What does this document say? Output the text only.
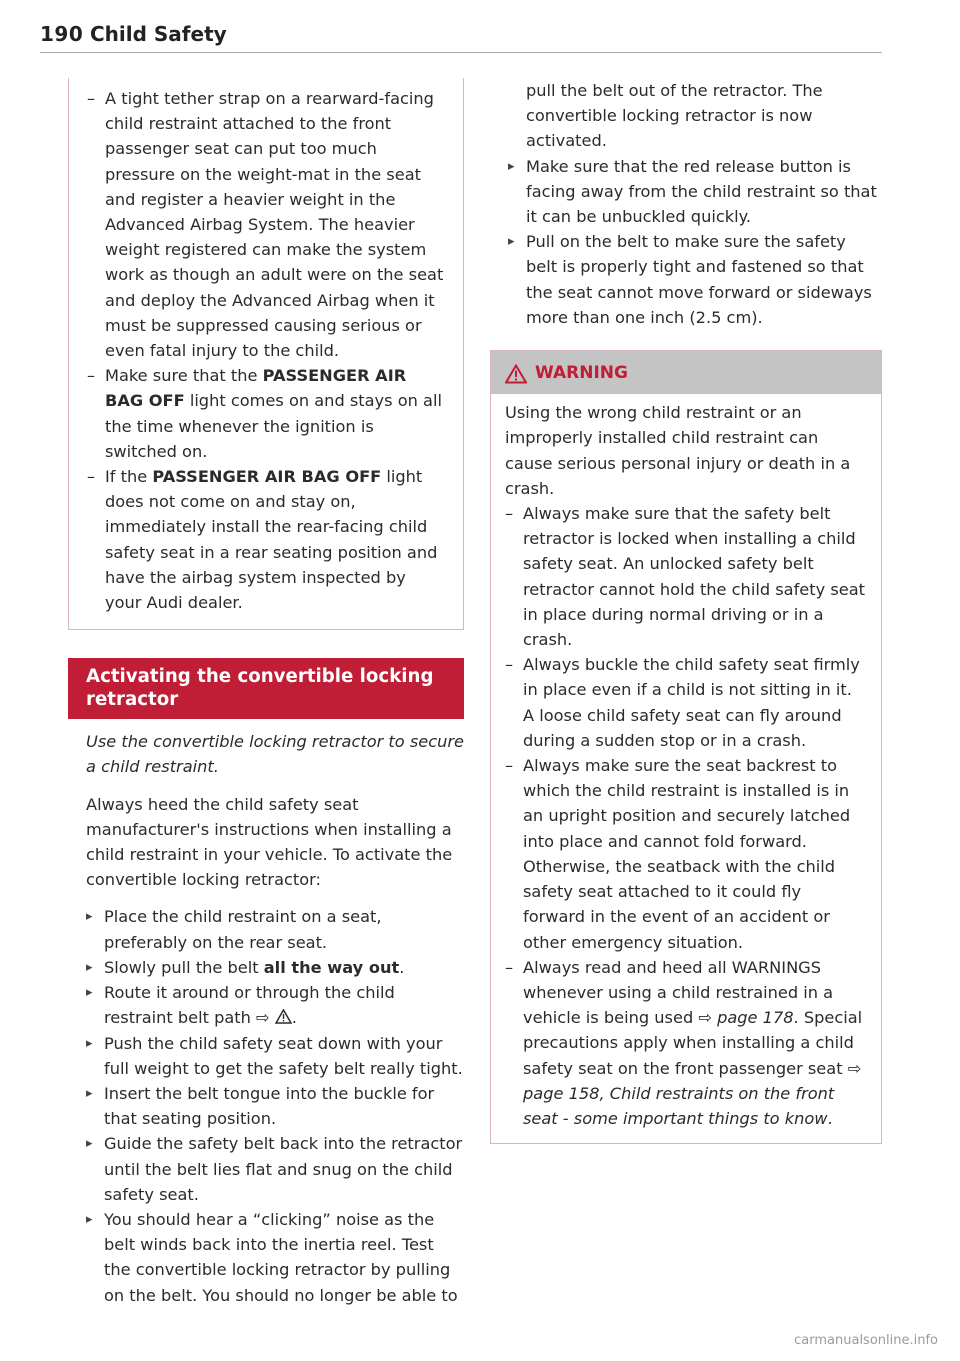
190 Child Safety
– A tight tether strap on a rearward-facing child restraint attached to the front passenger seat can put too much pressure on the weight-mat in the seat and register a heavier weight in the Advanced Airbag System. The heavier weight registered can make the system work as though an adult were on the seat and deploy the Advanced Airbag when it must be suppressed causing serious or even fatal injury to the child.
– Make sure that the PASSENGER AIR BAG OFF light comes on and stays on all the time whenever the ignition is switched on.
– If the PASSENGER AIR BAG OFF light does not come on and stay on, immediately install the rear-facing child safety seat in a rear seating position and have the airbag system inspected by your Audi dealer.
Activating the convertible locking retractor
Use the convertible locking retractor to secure a child restraint.
Always heed the child safety seat manufacturer's instructions when installing a child restraint in your vehicle. To activate the convertible locking retractor:
▸ Place the child restraint on a seat, preferably on the rear seat.
▸ Slowly pull the belt all the way out.
▸ Route it around or through the child restraint belt path ⇨ .
▸ Push the child safety seat down with your full weight to get the safety belt really tight.
▸ Insert the belt tongue into the buckle for that seating position.
▸ Guide the safety belt back into the retractor until the belt lies flat and snug on the child safety seat.
▸ You should hear a “clicking” noise as the belt winds back into the inertia reel. Test the convertible locking retractor by pulling on the belt. You should no longer be able to
pull the belt out of the retractor. The convertible locking retractor is now activated.
▸ Make sure that the red release button is facing away from the child restraint so that it can be unbuckled quickly.
▸ Pull on the belt to make sure the safety belt is properly tight and fastened so that the seat cannot move forward or sideways more than one inch (2.5 cm).
WARNING
Using the wrong child restraint or an improperly installed child restraint can cause serious personal injury or death in a crash.
– Always make sure that the safety belt retractor is locked when installing a child safety seat. An unlocked safety belt retractor cannot hold the child safety seat in place during normal driving or in a crash.
– Always buckle the child safety seat firmly in place even if a child is not sitting in it. A loose child safety seat can fly around during a sudden stop or in a crash.
– Always make sure the seat backrest to which the child restraint is installed is in an upright position and securely latched into place and cannot fold forward. Otherwise, the seatback with the child safety seat attached to it could fly forward in the event of an accident or other emergency situation.
– Always read and heed all WARNINGS whenever using a child restrained in a vehicle is being used ⇨ page 178. Special precautions apply when installing a child safety seat on the front passenger seat ⇨ page 158, Child restraints on the front seat - some important things to know.
carmanualsonline.info
